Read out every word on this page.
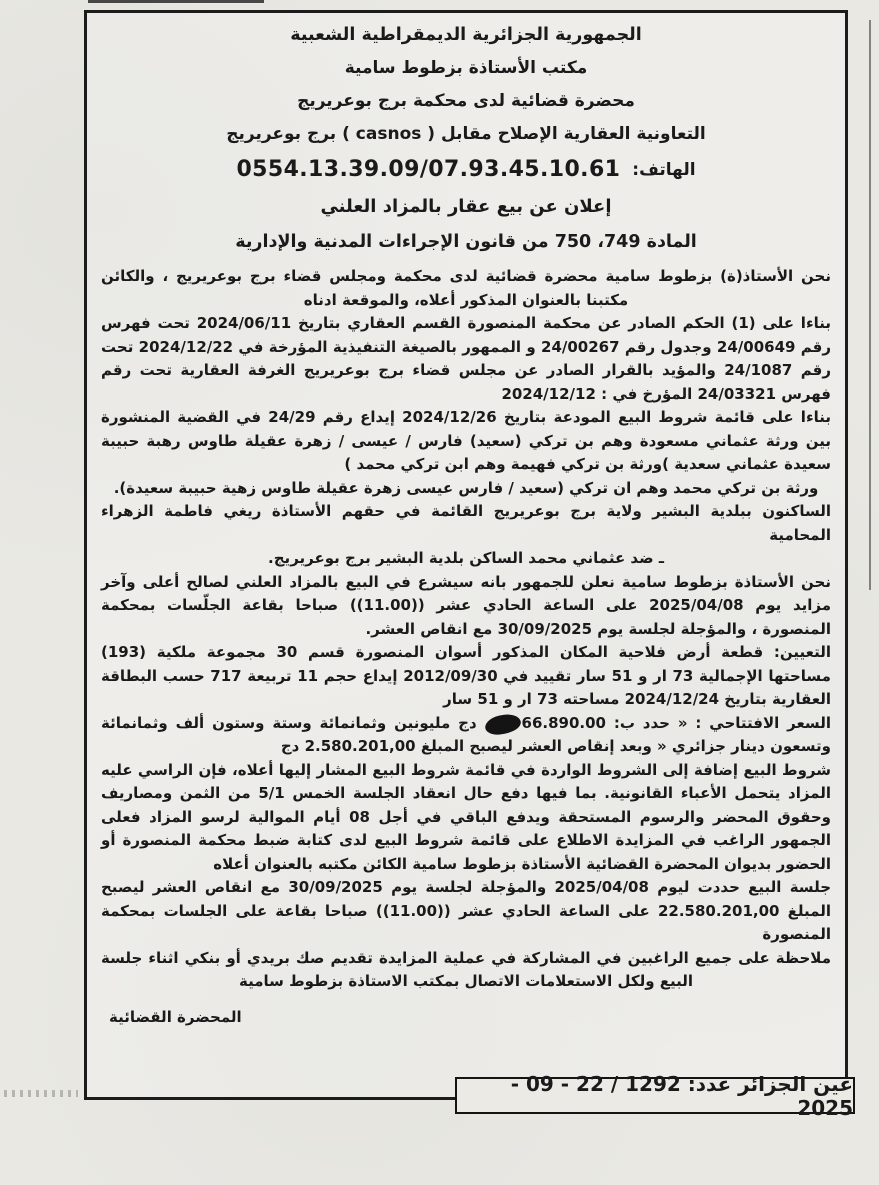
الجمهورية الجزائرية الديمقراطية الشعبية
مكتب الأستاذة بزطوط سامية
محضرة قضائية لدى محكمة برج بوعريريج
التعاونية العقارية الإصلاح مقابل ( casnos ) برج بوعريريج
الهاتف: 0554.13.39.09/07.93.45.10.61
إعلان عن بيع عقار بالمزاد العلني
المادة 749، 750 من قانون الإجراءات المدنية والإدارية

نحن الأستاذ(ة) بزطوط سامية محضرة قضائية لدى محكمة ومجلس قضاء برج بوعريريج ، والكائن مكتبنا بالعنوان المذكور أعلاه، والموقعة ادناه

بناءا على (1) الحكم الصادر عن محكمة المنصورة القسم العقاري بتاريخ 2024/06/11 تحت فهرس رقم 24/00649 وجدول رقم 24/00267 و الممهور بالصيغة التنفيذية المؤرخة في 2024/12/22 تحت رقم 24/1087 والمؤيد بالقرار الصادر عن مجلس قضاء برج بوعريريج الغرفة العقارية تحت رقم فهرس 24/03321 المؤرخ في : 2024/12/12

بناءا على قائمة شروط البيع المودعة بتاريخ 2024/12/26 إيداع رقم 24/29 في القضية المنشورة بين ورثة عثماني مسعودة وهم بن تركي (سعيد) فارس / عيسى / زهرة عقيلة طاوس رهبة حبيبة سعيدة عثماني سعدية )ورثة بن تركي فهيمة وهم ابن تركي محمد )

ورثة بن تركي محمد وهم ان تركي (سعيد / فارس عيسى زهرة عقيلة طاوس زهية حبيبة سعيدة).

الساكنون ببلدية البشير ولاية برج بوعريريج القائمة في حقهم الأستاذة ريغي فاطمة الزهراء المحامية

ـ ضد عثماني محمد الساكن بلدية البشير برج بوعريريج.

نحن الأستاذة بزطوط سامية نعلن للجمهور بانه سيشرع في البيع بالمزاد العلني لصالح أعلى وآخر مزايد يوم 2025/04/08 على الساعة الحادي عشر ((11.00)) صباحا بقاعة الجلّسات بمحكمة المنصورة ، والمؤجلة لجلسة يوم 30/09/2025 مع انقاص العشر.

التعيين: قطعة أرض فلاحية المكان المذكور أسوان المنصورة قسم 30 مجموعة ملكية (193) مساحتها الإجمالية 73 ار و 51 سار تقييد في 2012/09/30 إيداع حجم 11 تربيعة 717 حسب البطاقة العقارية بتاريخ 2024/12/24 مساحته 73 ار و 51 سار

السعر الافتتاحي : « حدد ب: 66.890.00 دج مليونين وثمانمائة وستة وستون ألف وثمانمائة وتسعون دينار جزائري « وبعد إنقاص العشر ليصبح المبلغ 2.580.201,00 دج

شروط البيع إضافة إلى الشروط الواردة في قائمة شروط البيع المشار إليها أعلاه، فإن الراسي عليه المزاد يتحمل الأعباء القانونية. بما فيها دفع حال انعقاد الجلسة الخمس 5/1 من الثمن ومصاريف وحقوق المحضر والرسوم المستحقة ويدفع الباقي في أجل 08 أيام الموالية لرسو المزاد فعلى الجمهور الراغب في المزايدة الاطلاع على قائمة شروط البيع لدى كتابة ضبط محكمة المنصورة أو الحضور بديوان المحضرة القضائية الأستاذة بزطوط سامية الكائن مكتبه بالعنوان أعلاه

جلسة البيع حددت ليوم 2025/04/08 والمؤجلة لجلسة يوم 30/09/2025 مع انقاص العشر ليصبح المبلغ 22.580.201,00 على الساعة الحادي عشر ((11.00)) صباحا بقاعة على الجلسات بمحكمة المنصورة

ملاحظة على جميع الراغبين في المشاركة في عملية المزايدة تقديم صك بريدي أو بنكي اثناء جلسة البيع ولكل الاستعلامات الاتصال بمكتب الاستاذة بزطوط سامية

المحضرة القضائية
عين الجزائر عدد: 1292 / 22 - 09 - 2025
